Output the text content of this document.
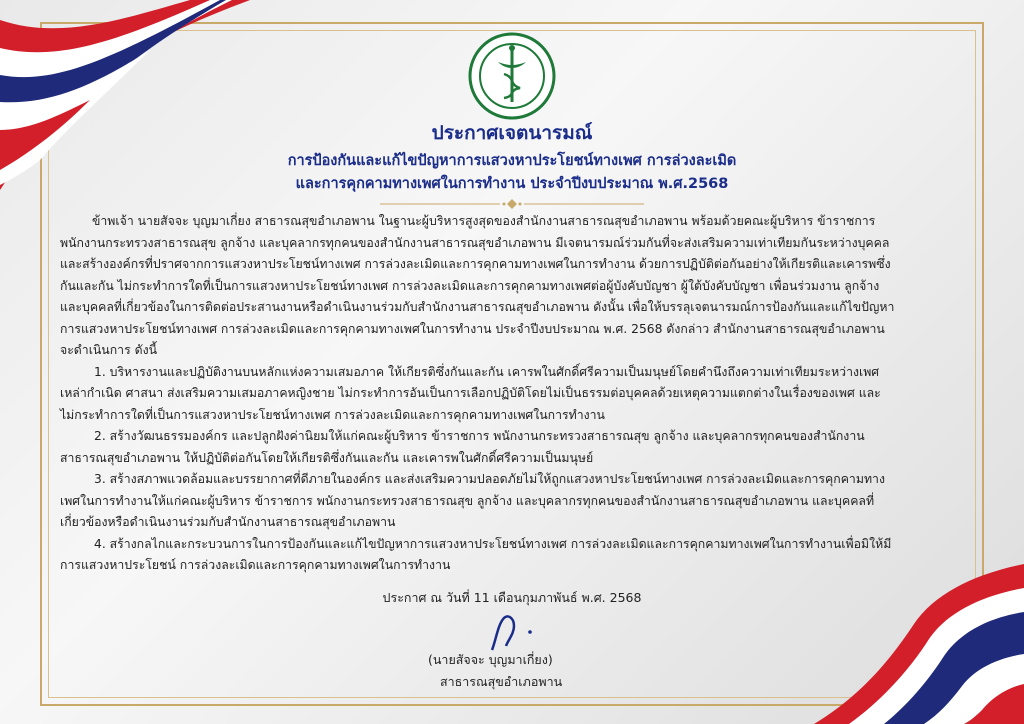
ประกาศเจตนารมณ์
การป้องกันและแก้ไขปัญหาการแสวงหาประโยชน์ทางเพศ การล่วงละเมิด
และการคุกคามทางเพศในการทำงาน ประจำปีงบประมาณ พ.ศ.2568
ข้าพเจ้า นายสัจจะ บุญมาเกี่ยง สาธารณสุขอำเภอพาน ในฐานะผู้บริหารสูงสุดของสำนักงานสาธารณสุขอำเภอพาน พร้อมด้วยคณะผู้บริหาร ข้าราชการ
พนักงานกระทรวงสาธารณสุข ลูกจ้าง และบุคลากรทุกคนของสำนักงานสาธารณสุขอำเภอพาน มีเจตนารมณ์ร่วมกันที่จะส่งเสริมความเท่าเทียมกันระหว่างบุคคล
และสร้างองค์กรที่ปราศจากการแสวงหาประโยชน์ทางเพศ การล่วงละเมิดและการคุกคามทางเพศในการทำงาน ด้วยการปฏิบัติต่อกันอย่างให้เกียรติและเคารพซึ่ง
กันและกัน ไม่กระทำการใดที่เป็นการแสวงหาประโยชน์ทางเพศ การล่วงละเมิดและการคุกคามทางเพศต่อผู้บังคับบัญชา ผู้ใต้บังคับบัญชา เพื่อนร่วมงาน ลูกจ้าง
และบุคคลที่เกี่ยวข้องในการติดต่อประสานงานหรือดำเนินงานร่วมกับสำนักงานสาธารณสุขอำเภอพาน ดังนั้น เพื่อให้บรรลุเจตนารมณ์การป้องกันและแก้ไขปัญหา
การแสวงหาประโยชน์ทางเพศ การล่วงละเมิดและการคุกคามทางเพศในการทำงาน ประจำปีงบประมาณ พ.ศ. 2568 ดังกล่าว สำนักงานสาธารณสุขอำเภอพาน
จะดำเนินการ ดังนี้
1. บริหารงานและปฏิบัติงานบนหลักแห่งความเสมอภาค ให้เกียรติซึ่งกันและกัน เคารพในศักดิ์ศรีความเป็นมนุษย์โดยคำนึงถึงความเท่าเทียมระหว่างเพศ
เหล่ากำเนิด ศาสนา ส่งเสริมความเสมอภาคหญิงชาย ไม่กระทำการอันเป็นการเลือกปฏิบัติโดยไม่เป็นธรรมต่อบุคคลด้วยเหตุความแตกต่างในเรื่องของเพศ และ
ไม่กระทำการใดที่เป็นการแสวงหาประโยชน์ทางเพศ การล่วงละเมิดและการคุกคามทางเพศในการทำงาน
2. สร้างวัฒนธรรมองค์กร และปลูกฝังค่านิยมให้แก่คณะผู้บริหาร ข้าราชการ พนักงานกระทรวงสาธารณสุข ลูกจ้าง และบุคลากรทุกคนของสำนักงาน
สาธารณสุขอำเภอพาน ให้ปฏิบัติต่อกันโดยให้เกียรติซึ่งกันและกัน และเคารพในศักดิ์ศรีความเป็นมนุษย์
3. สร้างสภาพแวดล้อมและบรรยากาศที่ดีภายในองค์กร และส่งเสริมความปลอดภัยไม่ให้ถูกแสวงหาประโยชน์ทางเพศ การล่วงละเมิดและการคุกคามทาง
เพศในการทำงานให้แก่คณะผู้บริหาร ข้าราชการ พนักงานกระทรวงสาธารณสุข ลูกจ้าง และบุคลากรทุกคนของสำนักงานสาธารณสุขอำเภอพาน และบุคคลที่
เกี่ยวข้องหรือดำเนินงานร่วมกับสำนักงานสาธารณสุขอำเภอพาน
4. สร้างกลไกและกระบวนการในการป้องกันและแก้ไขปัญหาการแสวงหาประโยชน์ทางเพศ การล่วงละเมิดและการคุกคามทางเพศในการทำงานเพื่อมิให้มี
การแสวงหาประโยชน์ การล่วงละเมิดและการคุกคามทางเพศในการทำงาน
ประกาศ ณ วันที่ 11 เดือนกุมภาพันธ์ พ.ศ. 2568
(นายสัจจะ บุญมาเกี่ยง)
สาธารณสุขอำเภอพาน
